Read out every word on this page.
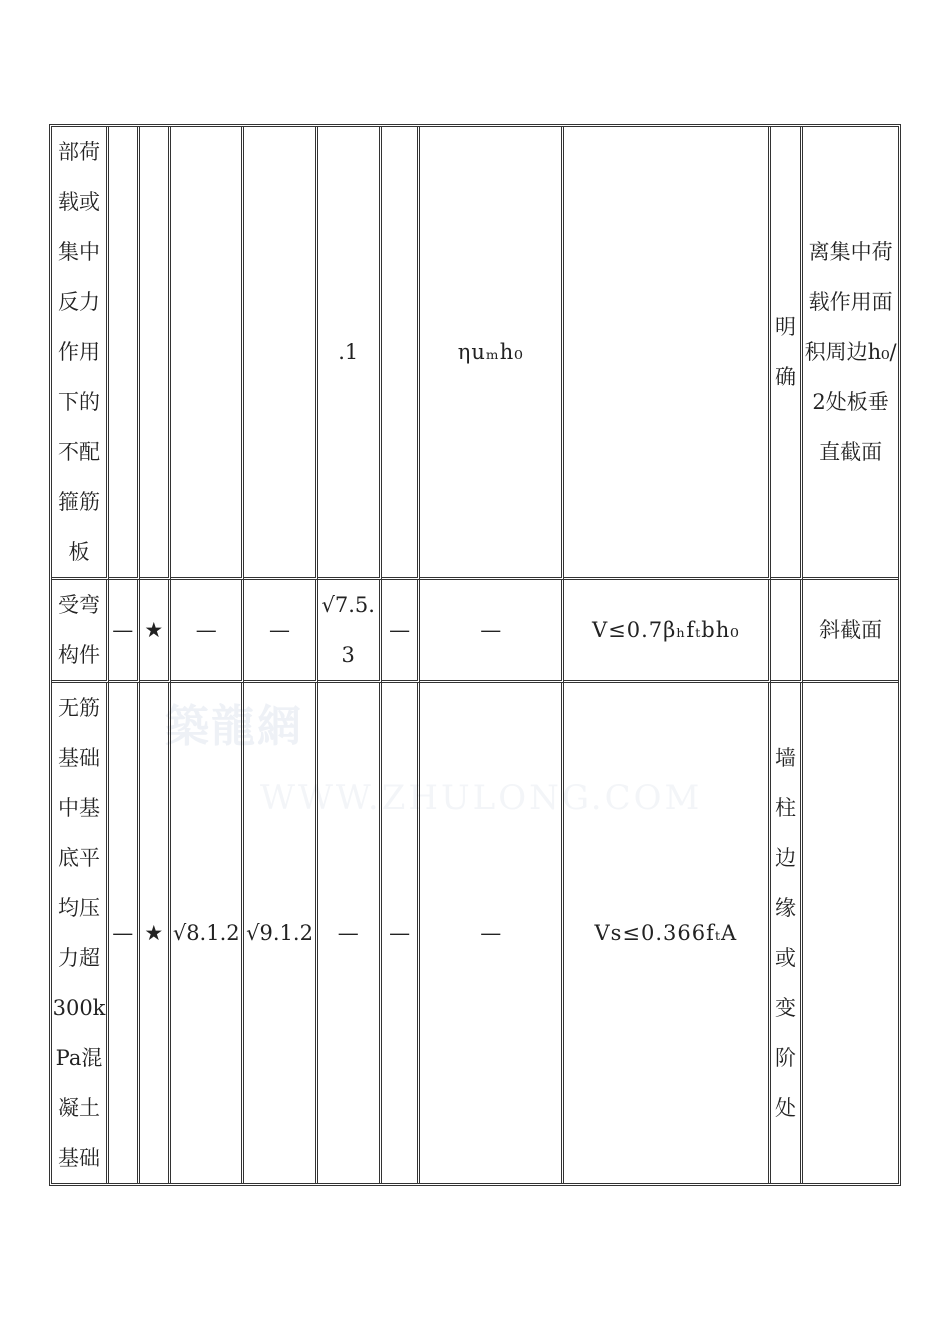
築龍網
WWW.ZHULONG.COM
部荷载或集中反力作用下的不配箍筋板					.1		ηuₘh₀		明确	离集中荷载作用面积周边h₀/2处板垂直截面
受弯构件	—	★	—	—	√7.5.3	—	—	V≤0.7βₕfₜbh₀		斜截面
无筋基础中基底平均压力超300kPa混凝土基础	—	★	√8.1.2	√9.1.2	—	—	—	Vs≤0.366fₜA	墙柱边缘或变阶处	
